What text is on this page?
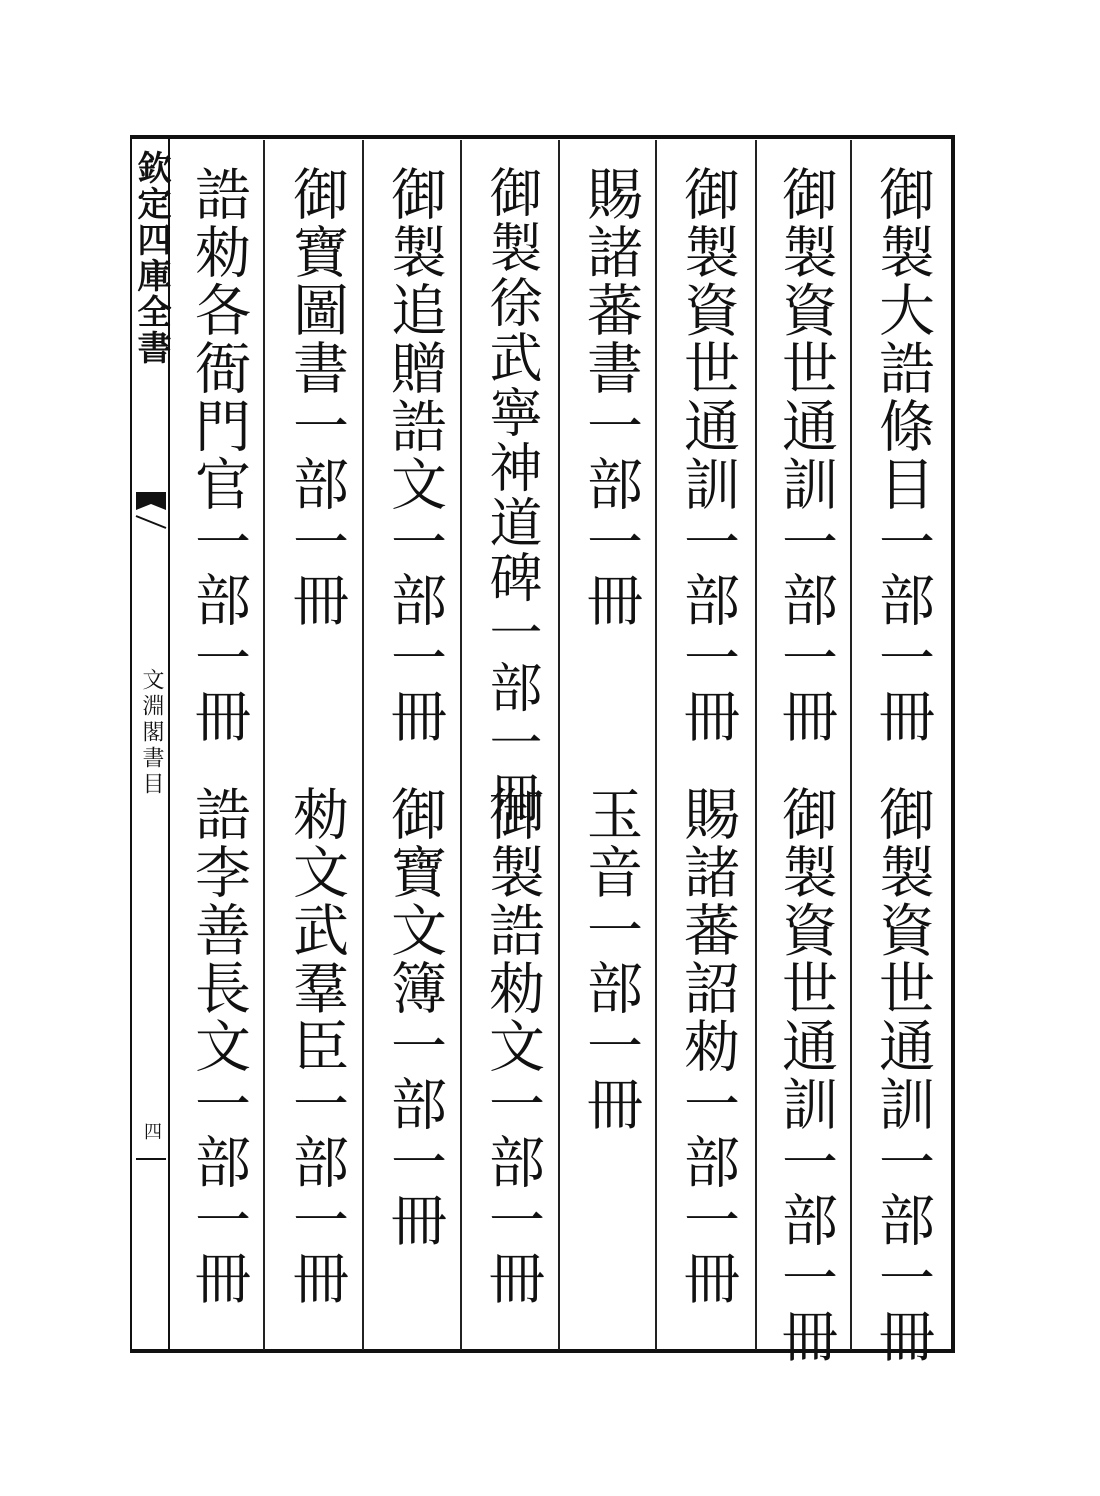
欽定四庫全書
文淵閣書目
四
御製大誥條目一部一冊
御製資世通訓一部一冊
御製資世通訓一部一冊
御製資世通訓一部一冊
御製資世通訓一部一冊
賜諸蕃詔勑一部一冊
賜諸蕃書一部一冊
玉音一部一冊
御製徐武寧神道碑一部一冊
御製誥勑文一部一冊
御製追贈誥文一部一冊
御寶文簿一部一冊
御寶圖書一部一冊
勑文武羣臣一部一冊
誥勑各衙門官一部一冊
誥李善長文一部一冊
